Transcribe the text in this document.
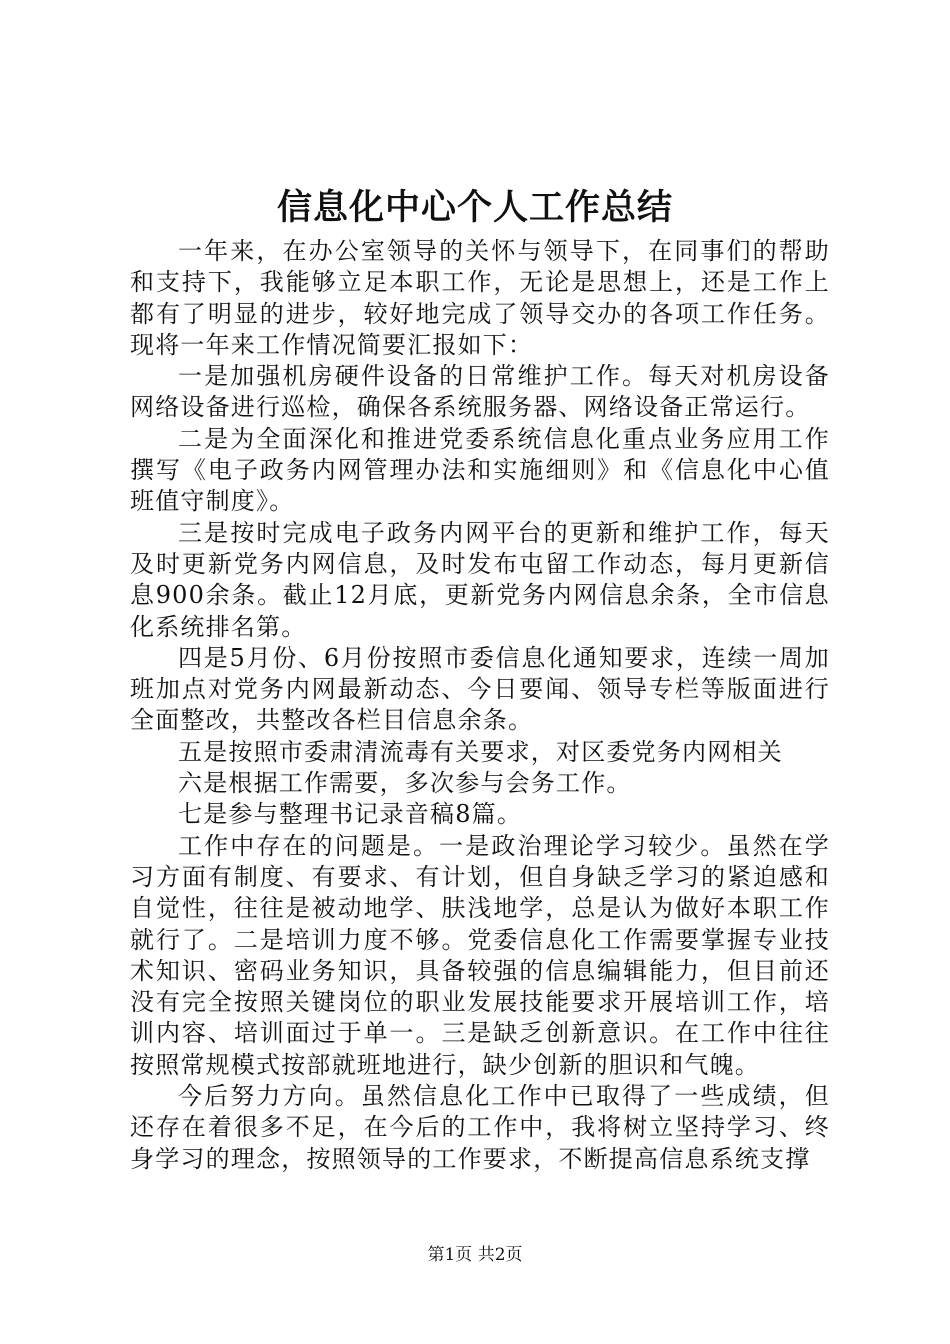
信息化中心个人工作总结

一年来，在办公室领导的关怀与领导下，在同事们的帮助和支持下，我能够立足本职工作，无论是思想上，还是工作上都有了明显的进步，较好地完成了领导交办的各项工作任务。现将一年来工作情况简要汇报如下：

一是加强机房硬件设备的日常维护工作。每天对机房设备网络设备进行巡检，确保各系统服务器、网络设备正常运行。

二是为全面深化和推进党委系统信息化重点业务应用工作撰写《电子政务内网管理办法和实施细则》和《信息化中心值班值守制度》。

三是按时完成电子政务内网平台的更新和维护工作，每天及时更新党务内网信息，及时发布屯留工作动态，每月更新信息900余条。截止12月底，更新党务内网信息余条，全市信息化系统排名第。

四是5月份、6月份按照市委信息化通知要求，连续一周加班加点对党务内网最新动态、今日要闻、领导专栏等版面进行全面整改，共整改各栏目信息余条。

五是按照市委肃清流毒有关要求，对区委党务内网相关

六是根据工作需要，多次参与会务工作。

七是参与整理书记录音稿8篇。

工作中存在的问题是。一是政治理论学习较少。虽然在学习方面有制度、有要求、有计划，但自身缺乏学习的紧迫感和自觉性，往往是被动地学、肤浅地学，总是认为做好本职工作就行了。二是培训力度不够。党委信息化工作需要掌握专业技术知识、密码业务知识，具备较强的信息编辑能力，但目前还没有完全按照关键岗位的职业发展技能要求开展培训工作，培训内容、培训面过于单一。三是缺乏创新意识。在工作中往往按照常规模式按部就班地进行，缺少创新的胆识和气魄。

今后努力方向。虽然信息化工作中已取得了一些成绩，但还存在着很多不足，在今后的工作中，我将树立坚持学习、终身学习的理念，按照领导的工作要求，不断提高信息系统支撑

第1页 共2页
